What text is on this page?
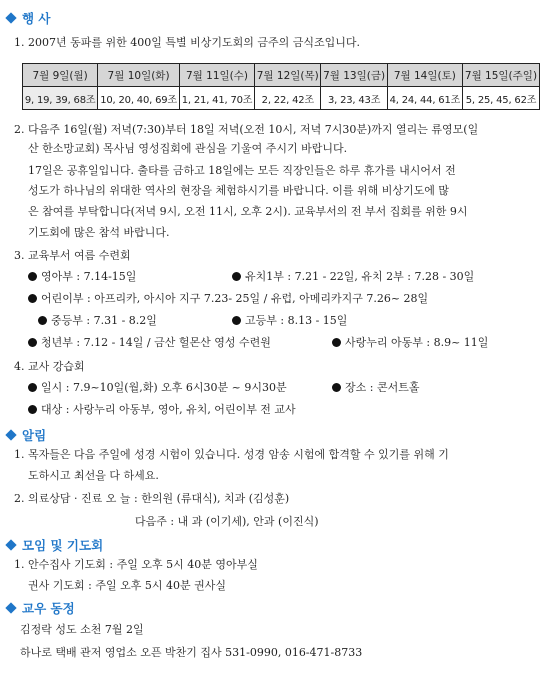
행 사
1. 2007년 동파를 위한 400일 특별 비상기도회의 금주의 금식조입니다.
7월 9일(월)	7월 10일(화)	7월 11일(수)	7월 12일(목)	7월 13일(금)	7월 14일(토)	7월 15일(주일)
9, 19, 39, 68조	10, 20, 40, 69조	1, 21, 41, 70조	2, 22, 42조	3, 23, 43조	4, 24, 44, 61조	5, 25, 45, 62조
2. 다음주 16일(월) 저녁(7:30)부터 18일 저녁(오전 10시, 저녁 7시30분)까지 열리는 류영모(일
산 한소망교회) 목사님 영성집회에 관심을 기울여 주시기 바랍니다.
17일은 공휴일입니다. 출타를 금하고 18일에는 모든 직장인들은 하루 휴가를 내시어서 전
성도가 하나님의 위대한 역사의 현장을 체험하시기를 바랍니다. 이를 위해 비상기도에 많
은 참여를 부탁합니다(저녁 9시, 오전 11시, 오후 2시). 교육부서의 전 부서 집회를 위한 9시
기도회에 많은 참석 바랍니다.
3. 교육부서 여름 수련회
영아부 : 7.14-15일	유치1부 : 7.21 - 22일, 유치 2부 : 7.28 - 30일
어린이부 : 아프리카, 아시아 지구 7.23- 25일 / 유럽, 아메리카지구 7.26~ 28일
중등부 : 7.31 - 8.2일	고등부 : 8.13 - 15일
청년부 : 7.12 - 14일 / 금산 헐몬산 영성 수련원	사랑누리 아동부 : 8.9~ 11일
4. 교사 강습회
일시 : 7.9~10일(월,화) 오후 6시30분 ~ 9시30분	장소 : 콘서트홀
대상 : 사랑누리 아동부, 영아, 유치, 어린이부 전 교사
알림
1. 목자들은 다음 주일에 성경 시험이 있습니다. 성경 암송 시험에 합격할 수 있기를 위해 기
도하시고 최선을 다 하세요.
2. 의료상담 · 진료 오 늘 : 한의원 (류대식), 치과 (김성훈)
다음주 : 내 과 (이기세), 안과 (이진식)
모임 및 기도회
1. 안수집사 기도회 : 주일 오후 5시 40분 영아부실
권사 기도회 : 주일 오후 5시 40분 권사실
교우 동정
김정락 성도 소천 7월 2일
하나로 택배 관저 영업소 오픈 박찬기 집사 531-0990, 016-471-8733
